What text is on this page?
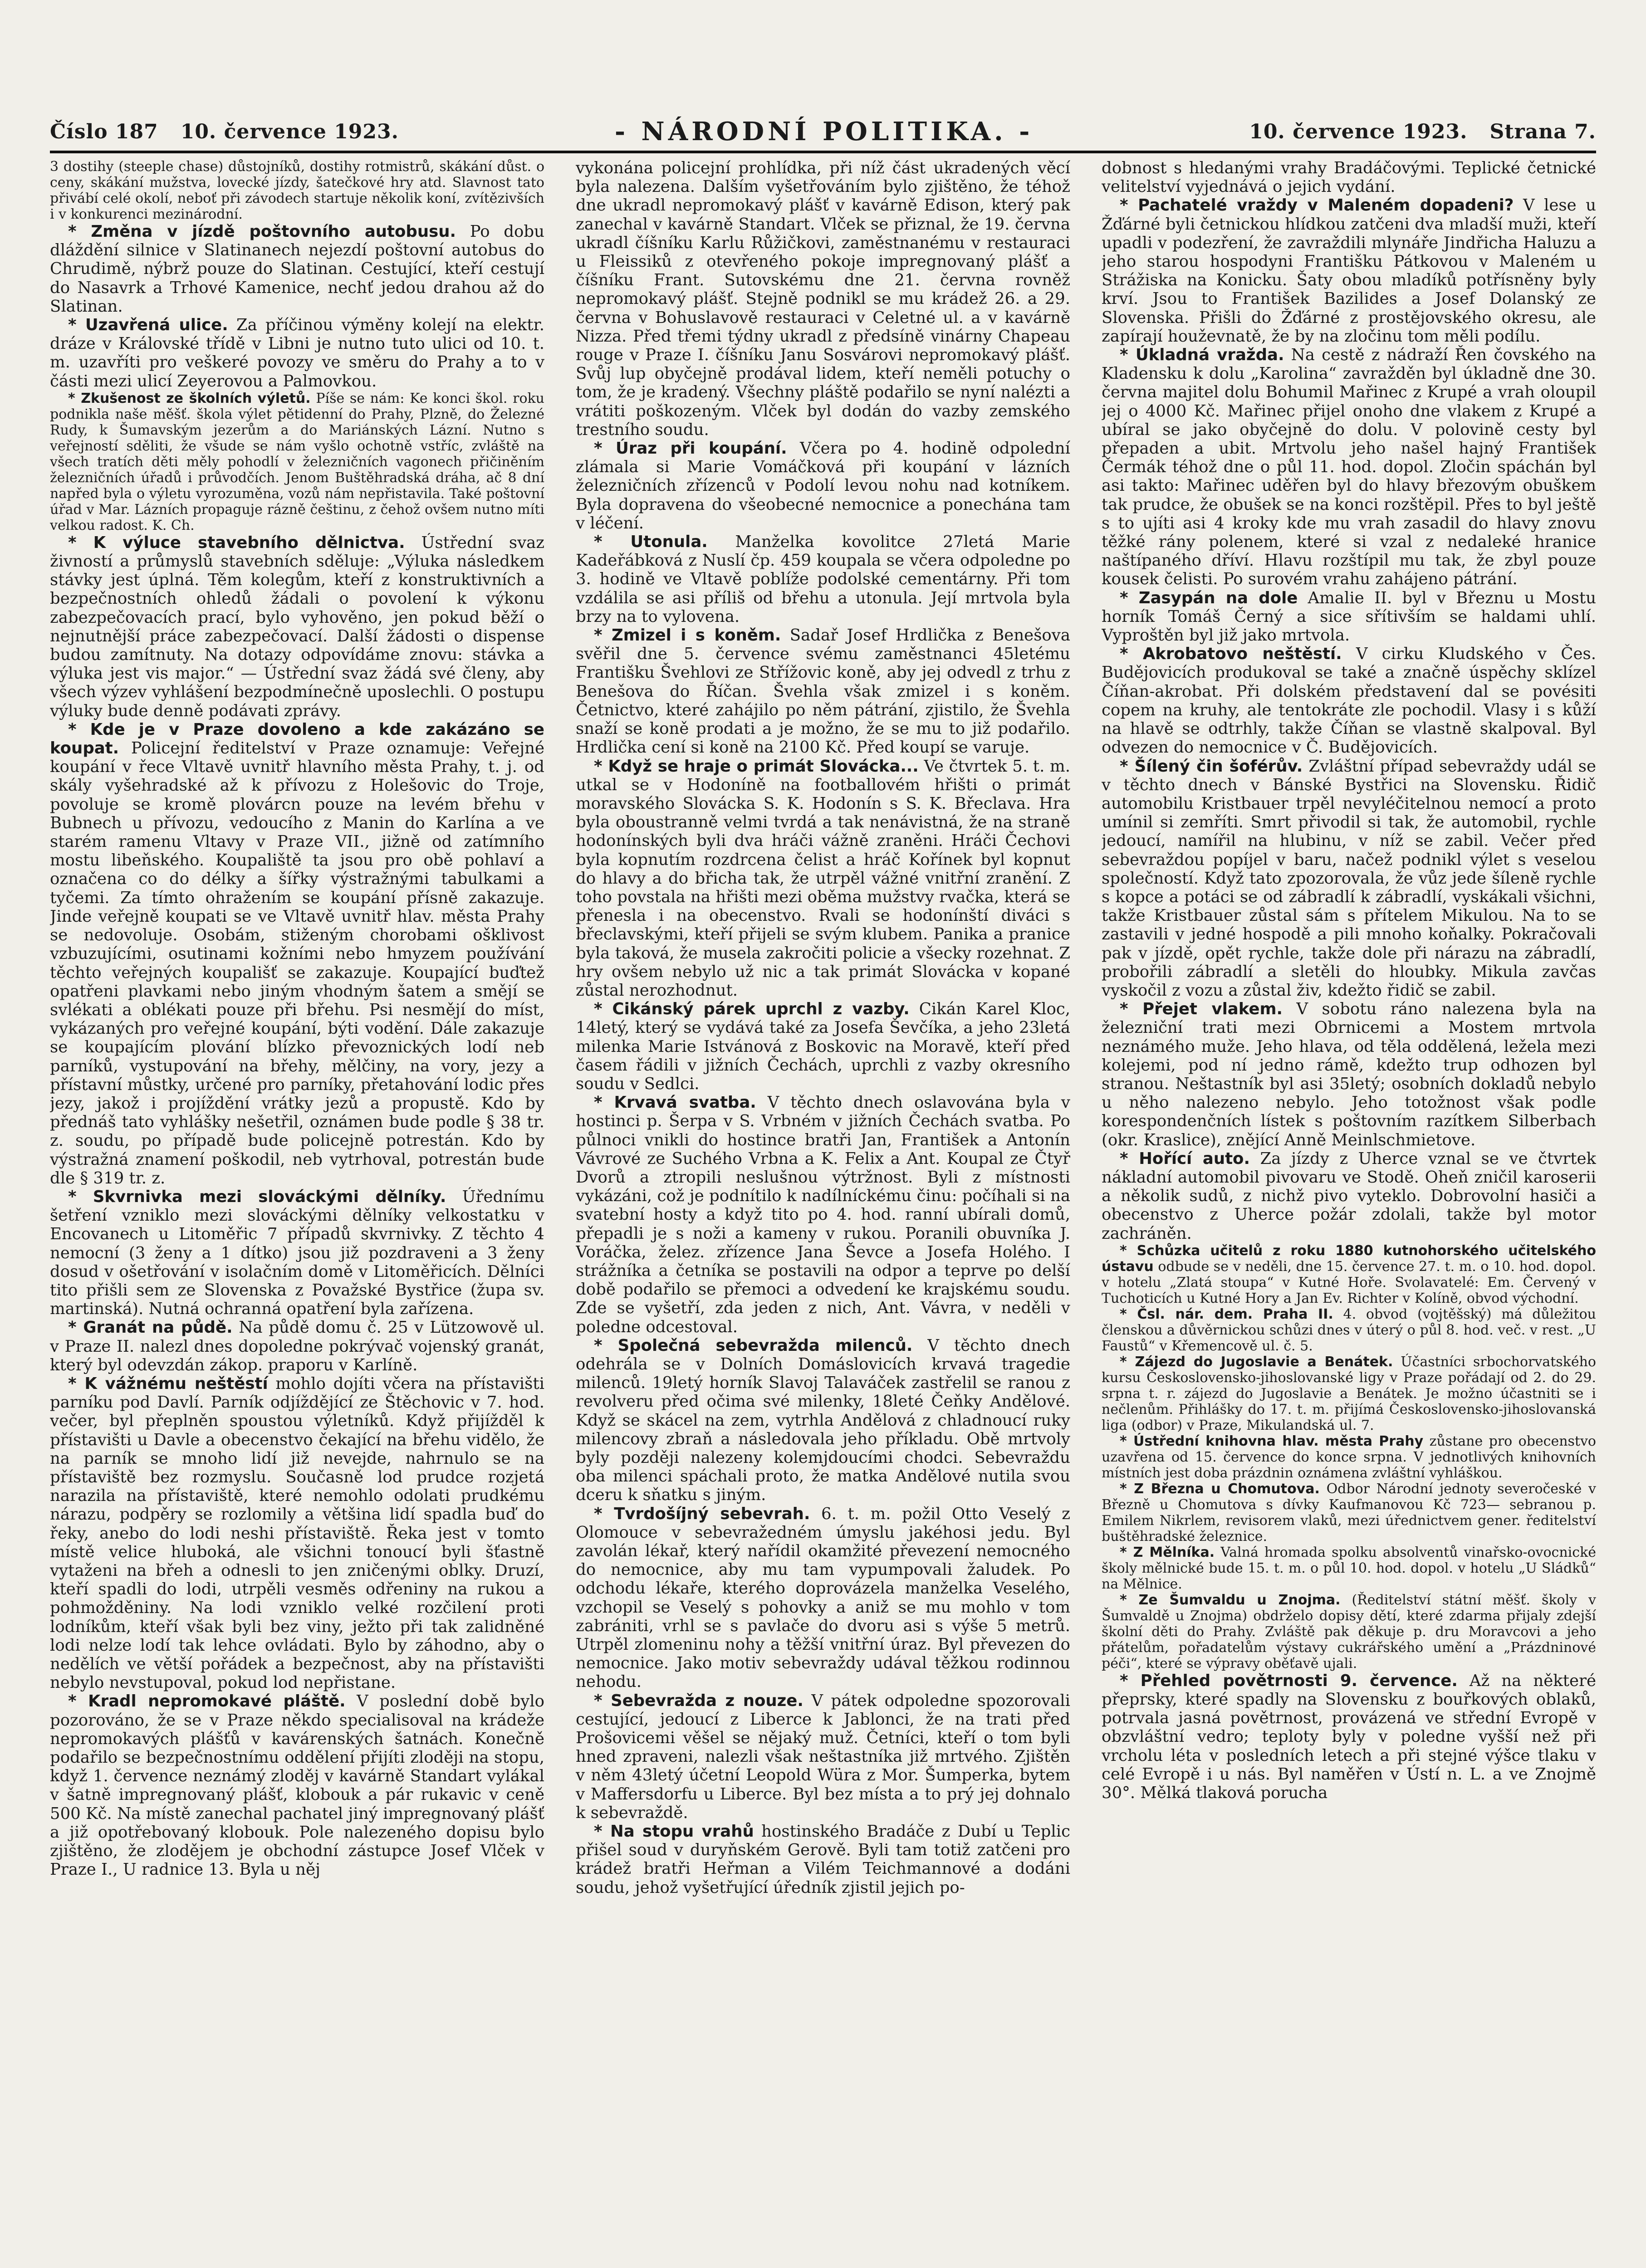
Číslo 187 10. července 1923.	- NÁRODNÍ POLITIKA. -	10. července 1923. Strana 7.

3 dostihy (steeple chase) důstojníků, dostihy rotmistrů, skákání důst. o ceny, skákání mužstva, lovecké jízdy, šatečkové hry atd. Slavnost tato přivábí celé okolí, neboť při závodech startuje několik koní, zvítězivších i v konkurenci mezinárodní.

* Změna v jízdě poštovního autobusu. Po dobu dláždění silnice v Slatinanech nejezdí poštovní autobus do Chrudimě, nýbrž pouze do Slatinan. Cestující, kteří cestují do Nasavrk a Trhové Kamenice, nechť jedou drahou až do Slatinan.

* Uzavřená ulice. Za příčinou výměny kolejí na elektr. dráze v Královské třídě v Libni je nutno tuto ulici od 10. t. m. uzavříti pro veškeré povozy ve směru do Prahy a to v části mezi ulicí Zeyerovou a Palmovkou.

* Zkušenost ze školních výletů. Píše se nám: Ke konci škol. roku podnikla naše měšť. škola výlet pětidenní do Prahy, Plzně, do Železné Rudy, k Šumavským jezerům a do Mariánských Lázní. Nutno s veřejností sděliti, že všude se nám vyšlo ochotně vstříc, zvláště na všech tratích děti měly pohodlí v železničních vagonech přičiněním železničních úřadů i průvodčích. Jenom Buštěhradská dráha, ač 8 dní napřed byla o výletu vyrozuměna, vozů nám nepřistavila. Také poštovní úřad v Mar. Lázních propaguje rázně češtinu, z čehož ovšem nutno míti velkou radost. K. Ch.

* K výluce stavebního dělnictva. Ústřední svaz živností a průmyslů stavebních sděluje: „Výluka následkem stávky jest úplná. Těm kolegům, kteří z konstruktivních a bezpečnostních ohledů žádali o povolení k výkonu zabezpečovacích prací, bylo vyhověno, jen pokud běží o nejnutnější práce zabezpečovací. Další žádosti o dispense budou zamítnuty. Na dotazy odpovídáme znovu: stávka a výluka jest vis major.“ — Ústřední svaz žádá své členy, aby všech výzev vyhlášení bezpodmínečně uposlechli. O postupu výluky bude denně podávati zprávy.

* Kde je v Praze dovoleno a kde zakázáno se koupat. Policejní ředitelství v Praze oznamuje: Veřejné koupání v řece Vltavě uvnitř hlavního města Prahy, t. j. od skály vyšehradské až k přívozu z Holešovic do Troje, povoluje se kromě plovárcn pouze na levém břehu v Bubnech u přívozu, vedoucího z Manin do Karlína a ve starém ramenu Vltavy v Praze VII., jižně od zatímního mostu libeňského. Koupaliště ta jsou pro obě pohlaví a označena co do délky a šířky výstražnými tabulkami a tyčemi. Za tímto ohražením se koupání přísně zakazuje. Jinde veřejně koupati se ve Vltavě uvnitř hlav. města Prahy se nedovoluje. Osobám, stiženým chorobami ošklivost vzbuzujícími, osutinami kožními nebo hmyzem používání těchto veřejných koupališť se zakazuje. Koupající buďtež opatřeni plavkami nebo jiným vhodným šatem a smějí se svlékati a oblékati pouze při břehu. Psi nesmějí do míst, vykázaných pro veřejné koupání, býti vodění. Dále zakazuje se koupajícím plování blízko převoznických lodí neb parníků, vystupování na břehy, mělčiny, na vory, jezy a přístavní můstky, určené pro parníky, přetahování lodic přes jezy, jakož i projíždění vrátky jezů a propustě. Kdo by přednáš tato vyhlášky nešetřil, oznámen bude podle § 38 tr. z. soudu, po případě bude policejně potrestán. Kdo by výstražná znamení poškodil, neb vytrhoval, potrestán bude dle § 319 tr. z.

* Skvrnivka mezi slováckými dělníky. Úřednímu šetření vzniklo mezi slováckými dělníky velkostatku v Encovanech u Litoměřic 7 případů skvrnivky. Z těchto 4 nemocní (3 ženy a 1 dítko) jsou již pozdraveni a 3 ženy dosud v ošetřování v isolačním domě v Litoměřicích. Dělníci tito přišli sem ze Slovenska z Považské Bystřice (župa sv. martinská). Nutná ochranná opatření byla zařízena.

* Granát na půdě. Na půdě domu č. 25 v Lützowově ul. v Praze II. nalezl dnes dopoledne pokrývač vojenský granát, který byl odevzdán zákop. praporu v Karlíně.

* K vážnému neštěstí mohlo dojíti včera na přístavišti parníku pod Davlí. Parník odjíždějící ze Štěchovic v 7. hod. večer, byl přeplněn spoustou výletníků. Když přijížděl k přístavišti u Davle a obecenstvo čekající na břehu vidělo, že na parník se mnoho lidí již nevejde, nahrnulo se na přístaviště bez rozmyslu. Současně lod prudce rozjetá narazila na přístaviště, které nemohlo odolati prudkému nárazu, podpěry se rozlomily a většina lidí spadla buď do řeky, anebo do lodi neshi přístaviště. Řeka jest v tomto místě velice hluboká, ale všichni tonoucí byli šťastně vytaženi na břeh a odnesli to jen zničenými oblky. Druzí, kteří spadli do lodi, utrpěli vesměs odřeniny na rukou a pohmožděniny. Na lodi vzniklo velké rozčilení proti lodníkům, kteří však byli bez viny, ježto při tak zalidněné lodi nelze lodí tak lehce ovládati. Bylo by záhodno, aby o nedělích ve větší pořádek a bezpečnost, aby na přístavišti nebylo nevstupoval, pokud lod nepřistane.

* Kradl nepromokavé pláště. V poslední době bylo pozorováno, že se v Praze někdo specialisoval na krádeže nepromokavých plášťů v kavárenských šatnách. Konečně podařilo se bezpečnostnímu oddělení přijíti zloději na stopu, když 1. července neznámý zloděj v kavárně Standart vylákal v šatně impregnovaný plášť, klobouk a pár rukavic v ceně 500 Kč. Na místě zanechal pachatel jiný impregnovaný plášť a již opotřebovaný klobouk. Pole nalezeného dopisu bylo zjištěno, že zlodějem je obchodní zástupce Josef Vlček v Praze I., U radnice 13. Byla u něj

vykonána policejní prohlídka, při níž část ukradených věcí byla nalezena. Dalším vyšetřováním bylo zjištěno, že téhož dne ukradl nepromokavý plášť v kavárně Edison, který pak zanechal v kavárně Standart. Vlček se přiznal, že 19. června ukradl číšníku Karlu Růžičkovi, zaměstnanému v restauraci u Fleissiků z otevřeného pokoje impregnovaný plášť a číšníku Frant. Sutovskému dne 21. června rovněž nepromokavý plášť. Stejně podnikl se mu krádež 26. a 29. června v Bohuslavově restauraci v Celetné ul. a v kavárně Nizza. Před třemi týdny ukradl z předsíně vinárny Chapeau rouge v Praze I. číšníku Janu Sosvárovi nepromokavý plášť. Svůj lup obyčejně prodával lidem, kteří neměli potuchy o tom, že je kradený. Všechny pláště podařilo se nyní nalézti a vrátiti poškozeným. Vlček byl dodán do vazby zemského trestního soudu.

* Úraz při koupání. Včera po 4. hodině odpolední zlámala si Marie Vomáčková při koupání v lázních železničních zřízenců v Podolí levou nohu nad kotníkem. Byla dopravena do všeobecné nemocnice a ponechána tam v léčení.

* Utonula. Manželka kovolitce 27letá Marie Kadeřábková z Nuslí čp. 459 koupala se včera odpoledne po 3. hodině ve Vltavě poblíže podolské cementárny. Při tom vzdálila se asi příliš od břehu a utonula. Její mrtvola byla brzy na to vylovena.

* Zmizel i s koněm. Sadař Josef Hrdlička z Benešova svěřil dne 5. července svému zaměstnanci 45letému Františku Švehlovi ze Střížovic koně, aby jej odvedl z trhu z Benešova do Říčan. Švehla však zmizel i s koněm. Četnictvo, které zahájilo po něm pátrání, zjistilo, že Švehla snaží se koně prodati a je možno, že se mu to již podařilo. Hrdlička cení si koně na 2100 Kč. Před koupí se varuje.

* Když se hraje o primát Slovácka... Ve čtvrtek 5. t. m. utkal se v Hodoníně na footballovém hřišti o primát moravského Slovácka S. K. Hodonín s S. K. Břeclava. Hra byla oboustranně velmi tvrdá a tak nenávistná, že na straně hodonínských byli dva hráči vážně zraněni. Hráči Čechovi byla kopnutím rozdrcena čelist a hráč Kořínek byl kopnut do hlavy a do břicha tak, že utrpěl vážné vnitřní zranění. Z toho povstala na hřišti mezi oběma mužstvy rvačka, která se přenesla i na obecenstvo. Rvali se hodonínští diváci s břeclavskými, kteří přijeli se svým klubem. Panika a pranice byla taková, že musela zakročiti policie a všecky rozehnat. Z hry ovšem nebylo už nic a tak primát Slovácka v kopané zůstal nerozhodnut.

* Cikánský párek uprchl z vazby. Cikán Karel Kloc, 14letý, který se vydává také za Josefa Ševčíka, a jeho 23letá milenka Marie Istvánová z Boskovic na Moravě, kteří před časem řádili v jižních Čechách, uprchli z vazby okresního soudu v Sedlci.

* Krvavá svatba. V těchto dnech oslavována byla v hostinci p. Šerpa v S. Vrbném v jižních Čechách svatba. Po půlnoci vnikli do hostince bratři Jan, František a Antonín Vávrové ze Suchého Vrbna a K. Felix a Ant. Koupal ze Čtyř Dvorů a ztropili neslušnou výtržnost. Byli z místnosti vykázáni, což je podnítilo k nadílníckému činu: počíhali si na svatební hosty a když tito po 4. hod. ranní ubírali domů, přepadli je s noži a kameny v rukou. Poranili obuvníka J. Voráčka, želez. zřízence Jana Ševce a Josefa Holého. I strážníka a četníka se postavili na odpor a teprve po delší době podařilo se přemoci a odvedení ke krajskému soudu. Zde se vyšetří, zda jeden z nich, Ant. Vávra, v neděli v poledne odcestoval.

* Společná sebevražda milenců. V těchto dnech odehrála se v Dolních Domáslovicích krvavá tragedie milenců. 19letý horník Slavoj Talaváček zastřelil se ranou z revolveru před očima své milenky, 18leté Čeňky Andělové. Když se skácel na zem, vytrhla Andělová z chladnoucí ruky milencovy zbraň a následovala jeho příkladu. Obě mrtvoly byly později nalezeny kolemjdoucími chodci. Sebevraždu oba milenci spáchali proto, že matka Andělové nutila svou dceru k sňatku s jiným.

* Tvrdošíjný sebevrah. 6. t. m. požil Otto Veselý z Olomouce v sebevražedném úmyslu jakéhosi jedu. Byl zavolán lékař, který nařídil okamžité převezení nemocného do nemocnice, aby mu tam vypumpovali žaludek. Po odchodu lékaře, kterého doprovázela manželka Veselého, vzchopil se Veselý s pohovky a aniž se mu mohlo v tom zabrániti, vrhl se s pavlače do dvoru asi s výše 5 metrů. Utrpěl zlomeninu nohy a těžší vnitřní úraz. Byl převezen do nemocnice. Jako motiv sebevraždy udával těžkou rodinnou nehodu.

* Sebevražda z nouze. V pátek odpoledne spozorovali cestující, jedoucí z Liberce k Jablonci, že na trati před Prošovicemi věšel se nějaký muž. Četníci, kteří o tom byli hned zpraveni, nalezli však neštastníka již mrtvého. Zjištěn v něm 43letý účetní Leopold Würa z Mor. Šumperka, bytem v Maffersdorfu u Liberce. Byl bez místa a to prý jej dohnalo k sebevraždě.

* Na stopu vrahů hostinského Bradáče z Dubí u Teplic přišel soud v duryňském Gerově. Byli tam totiž zatčeni pro krádež bratři Heřman a Vilém Teichmannové a dodáni soudu, jehož vyšetřující úředník zjistil jejich po-

dobnost s hledanými vrahy Bradáčovými. Teplické četnické velitelství vyjednává o jejich vydání.

* Pachatelé vraždy v Maleném dopadeni? V lese u Žďárné byli četnickou hlídkou zatčeni dva mladší muži, kteří upadli v podezření, že zavraždili mlynáře Jindřicha Haluzu a jeho starou hospodyni Františku Pátkovou v Maleném u Strážiska na Konicku. Šaty obou mladíků potřísněny byly krví. Jsou to František Bazilides a Josef Dolanský ze Slovenska. Přišli do Žďárné z prostějovského okresu, ale zapírají houževnatě, že by na zločinu tom měli podílu.

* Úkladná vražda. Na cestě z nádraží Řen čovského na Kladensku k dolu „Karolina“ zavražděn byl úkladně dne 30. června majitel dolu Bohumil Mařinec z Krupé a vrah oloupil jej o 4000 Kč. Mařinec přijel onoho dne vlakem z Krupé a ubíral se jako obyčejně do dolu. V polovině cesty byl přepaden a ubit. Mrtvolu jeho našel hajný František Čermák téhož dne o půl 11. hod. dopol. Zločin spáchán byl asi takto: Mařinec uděřen byl do hlavy březovým obuškem tak prudce, že obušek se na konci rozštěpil. Přes to byl ještě s to ujíti asi 4 kroky kde mu vrah zasadil do hlavy znovu těžké rány polenem, které si vzal z nedaleké hranice naštípaného dříví. Hlavu rozštípil mu tak, že zbyl pouze kousek čelisti. Po surovém vrahu zahájeno pátrání.

* Zasypán na dole Amalie II. byl v Březnu u Mostu horník Tomáš Černý a sice sřítivším se haldami uhlí. Vyproštěn byl již jako mrtvola.

* Akrobatovo neštěstí. V cirku Kludského v Čes. Budějovicích produkoval se také a značně úspěchy sklízel Číňan-akrobat. Při dolském představení dal se povésiti copem na kruhy, ale tentokráte zle pochodil. Vlasy i s kůží na hlavě se odtrhly, takže Číňan se vlastně skalpoval. Byl odvezen do nemocnice v Č. Budějovicích.

* Šílený čin šoférův. Zvláštní případ sebevraždy udál se v těchto dnech v Bánské Bystřici na Slovensku. Řidič automobilu Kristbauer trpěl nevyléčitelnou nemocí a proto umínil si zemříti. Smrt přivodil si tak, že automobil, rychle jedoucí, namířil na hlubinu, v níž se zabil. Večer před sebevraždou popíjel v baru, načež podnikl výlet s veselou společností. Když tato zpozorovala, že vůz jede šíleně rychle s kopce a potáci se od zábradlí k zábradlí, vyskákali všichni, takže Kristbauer zůstal sám s přítelem Mikulou. Na to se zastavili v jedné hospodě a pili mnoho koňalky. Pokračovali pak v jízdě, opět rychle, takže dole při nárazu na zábradlí, probořili zábradlí a sletěli do hloubky. Mikula zavčas vyskočil z vozu a zůstal živ, kdežto řidič se zabil.

* Přejet vlakem. V sobotu ráno nalezena byla na železniční trati mezi Obrnicemi a Mostem mrtvola neznámého muže. Jeho hlava, od těla oddělená, ležela mezi kolejemi, pod ní jedno rámě, kdežto trup odhozen byl stranou. Neštastník byl asi 35letý; osobních dokladů nebylo u něho nalezeno nebylo. Jeho totožnost však podle korespondenčních lístek s poštovním razítkem Silberbach (okr. Kraslice), znějící Anně Meinlschmietove.

* Hořící auto. Za jízdy z Uherce vznal se ve čtvrtek nákladní automobil pivovaru ve Stodě. Oheň zničil karoserii a několik sudů, z nichž pivo vyteklo. Dobrovolní hasiči a obecenstvo z Uherce požár zdolali, takže byl motor zachráněn.

* Schůzka učitelů z roku 1880 kutnohorského učitelského ústavu odbude se v neděli, dne 15. července 27. t. m. o 10. hod. dopol. v hotelu „Zlatá stoupa“ v Kutné Hoře. Svolavatelé: Em. Červený v Tuchoticích u Kutné Hory a Jan Ev. Richter v Kolíně, obvod východní.

* Čsl. nár. dem. Praha II. 4. obvod (vojtěšský) má důležitou členskou a důvěrnickou schůzi dnes v úterý o půl 8. hod. več. v rest. „U Faustů“ v Křemencově ul. č. 5.

* Zájezd do Jugoslavie a Benátek. Účastníci srbochorvatského kursu Československo-jihoslovanské ligy v Praze pořádají od 2. do 29. srpna t. r. zájezd do Jugoslavie a Benátek. Je možno účastniti se i nečlenům. Přihlášky do 17. t. m. přijímá Československo-jihoslovanská liga (odbor) v Praze, Mikulandská ul. 7.

* Ústřední knihovna hlav. města Prahy zůstane pro obecenstvo uzavřena od 15. července do konce srpna. V jednotlivých knihovních místních jest doba prázdnin oznámena zvláštní vyhláškou.

* Z Března u Chomutova. Odbor Národní jednoty severočeské v Březně u Chomutova s dívky Kaufmanovou Kč 723— sebranou p. Emilem Nikrlem, revisorem vlaků, mezi úřednictvem gener. ředitelství buštěhradské železnice.

* Z Mělníka. Valná hromada spolku absolventů vinařsko-ovocnické školy mělnické bude 15. t. m. o půl 10. hod. dopol. v hotelu „U Sládků“ na Mělnice.

* Ze Šumvaldu u Znojma. (Ředitelství státní měšť. školy v Šumvaldě u Znojma) obdrželo dopisy dětí, které zdarma přijaly zdejší školní děti do Prahy. Zvláště pak děkuje p. dru Moravcovi a jeho přátelům, pořadatelům výstavy cukrářského umění a „Prázdninové péči“, které se výpravy oběťavě ujali.

* Přehled povětrnosti 9. července. Až na některé přeprsky, které spadly na Slovensku z bouřkových oblaků, potrvala jasná povětrnost, provázená ve střední Evropě v obzvláštní vedro; teploty byly v poledne vyšší než při vrcholu léta v posledních letech a při stejné výšce tlaku v celé Evropě i u nás. Byl naměřen v Ústí n. L. a ve Znojmě 30°. Mělká tlaková porucha
